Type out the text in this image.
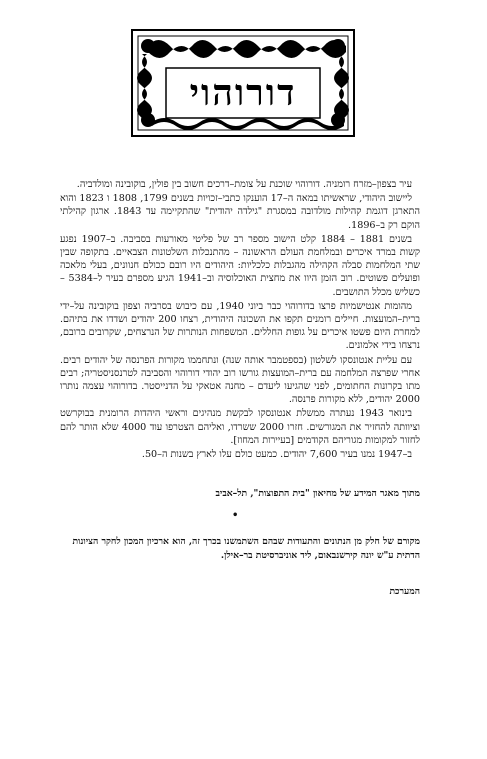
דורוהוי

עיר בצפון–מזרח רומניה. דורוהוי שוכנת על צומת–דרכים חשוב בין פולין, בוקובינה ומולדביה.

ליישוב היהודי, שראשיתו במאה ה–17 הוענקו כתבי–זכויות בשנים 1799, 1808 ו 1823 והוא התארגן דוגמת קהילות מולדובה במסגרת "גילדה יהודית" שהתקיימה עד 1843. ארגון קהילתי הוקם רק ב–1896.

בשנים 1881 – 1884 קלט הישוב מספר רב של פליטי מאורעות בסביבה. ב–1907 נפגע קשות במרד איכרים ובמלחמת העולם הראשונה – מהתנכלות השלטונות הצבאיים. בתקופה שבין שתי המלחמות סבלה הקהילה מהגבלות כלכליות: היהודים היו רובם ככולם חנוונים, בעלי מלאכה ופועלים פשוטים. רוב הזמן היוו את מחצית האוכלוסיה וב–1941 הגיע מספרם בעיר ל–5384 – כשליש מכלל התושבים.

מהומות אנטישמיות פרצו בדורוהוי כבר ביוני 1940, עם כיבוש בסרביה וצפון בוקובינה על–ידי ברית–המועצות. חיילים רומנים תקפו את השכונה היהודית, רצחו 200 יהודים ושדדו את בתיהם. למחרת היום פשטו איכרים על גופות החללים. המשפחות הנותרות של הנרצחים, שקרובים ברובם, נרצחו בידי אלמונים.

עם עליית אנטונסקו לשלטון (בספטמבר אותה שנה) ונתחממו מקורות הפרנסה של יהודים רבים. אחרי שפרצה המלחמה עם ברית–המועצות גורשו רוב יהודי דורוהוי והסביבה לטרנסניסטריה; רבים מתו בקרונות החתומים, לפני שהגיעו ליעדם – מחנה אטאקי על הדנייסטר. בדורוהוי עצמה נותרו 2000 יהודים, ללא מקורות פרנסה.

בינואר 1943 נעתרה ממשלת אנטונסקו לבקשת מנהיגים וראשי היהדות הרומנית בבוקרשט וציוותה להחזיר את המגורשים. חזרו 2000 ששרדו, ואליהם הצטרפו עוד 4000 שלא הותר להם לחזור למקומות מגוריהם הקודמים [בעיירות המחוז].

ב–1947 נמנו בעיר 7,600 יהודים. כמעט כולם עלו לארץ בשנות ה–50.

מתוך מאגר המידע של מחיאון "בית התפוצות", תל–אביב
•
מקורם של חלק מן הנתונים והתעודות שבהם השתמשנו בכרך זה, הוא ארכיון המכון לחקר הציונות הדתית ע"ש יונה קירשנבאום, ליד אוניברסיטת בר–אילן.
המערכת
